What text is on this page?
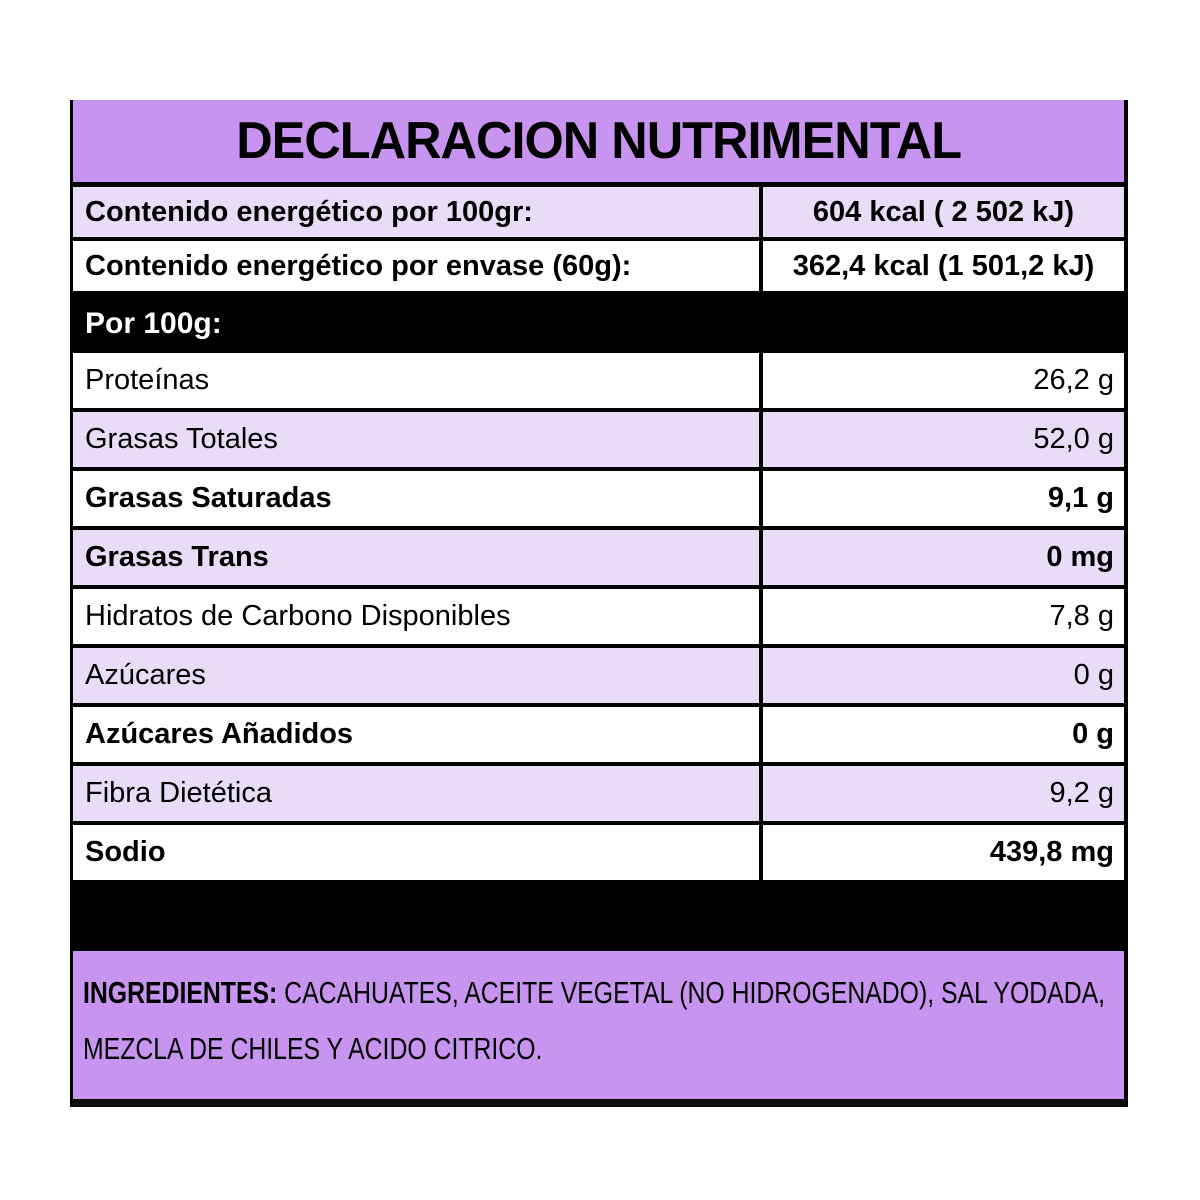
DECLARACION NUTRIMENTAL
Contenido energético por 100gr:	604 kcal ( 2 502 kJ)
Contenido energético por envase (60g):	362,4 kcal (1 501,2 kJ)
Por 100g:
Proteínas	26,2 g
Grasas Totales	52,0 g
Grasas Saturadas	9,1 g
Grasas Trans	0 mg
Hidratos de Carbono Disponibles	7,8 g
Azúcares	0 g
Azúcares Añadidos	0 g
Fibra Dietética	9,2 g
Sodio	439,8 mg
INGREDIENTES: CACAHUATES, ACEITE VEGETAL (NO HIDROGENADO), SAL YODADA,
MEZCLA DE CHILES Y ACIDO CITRICO.
